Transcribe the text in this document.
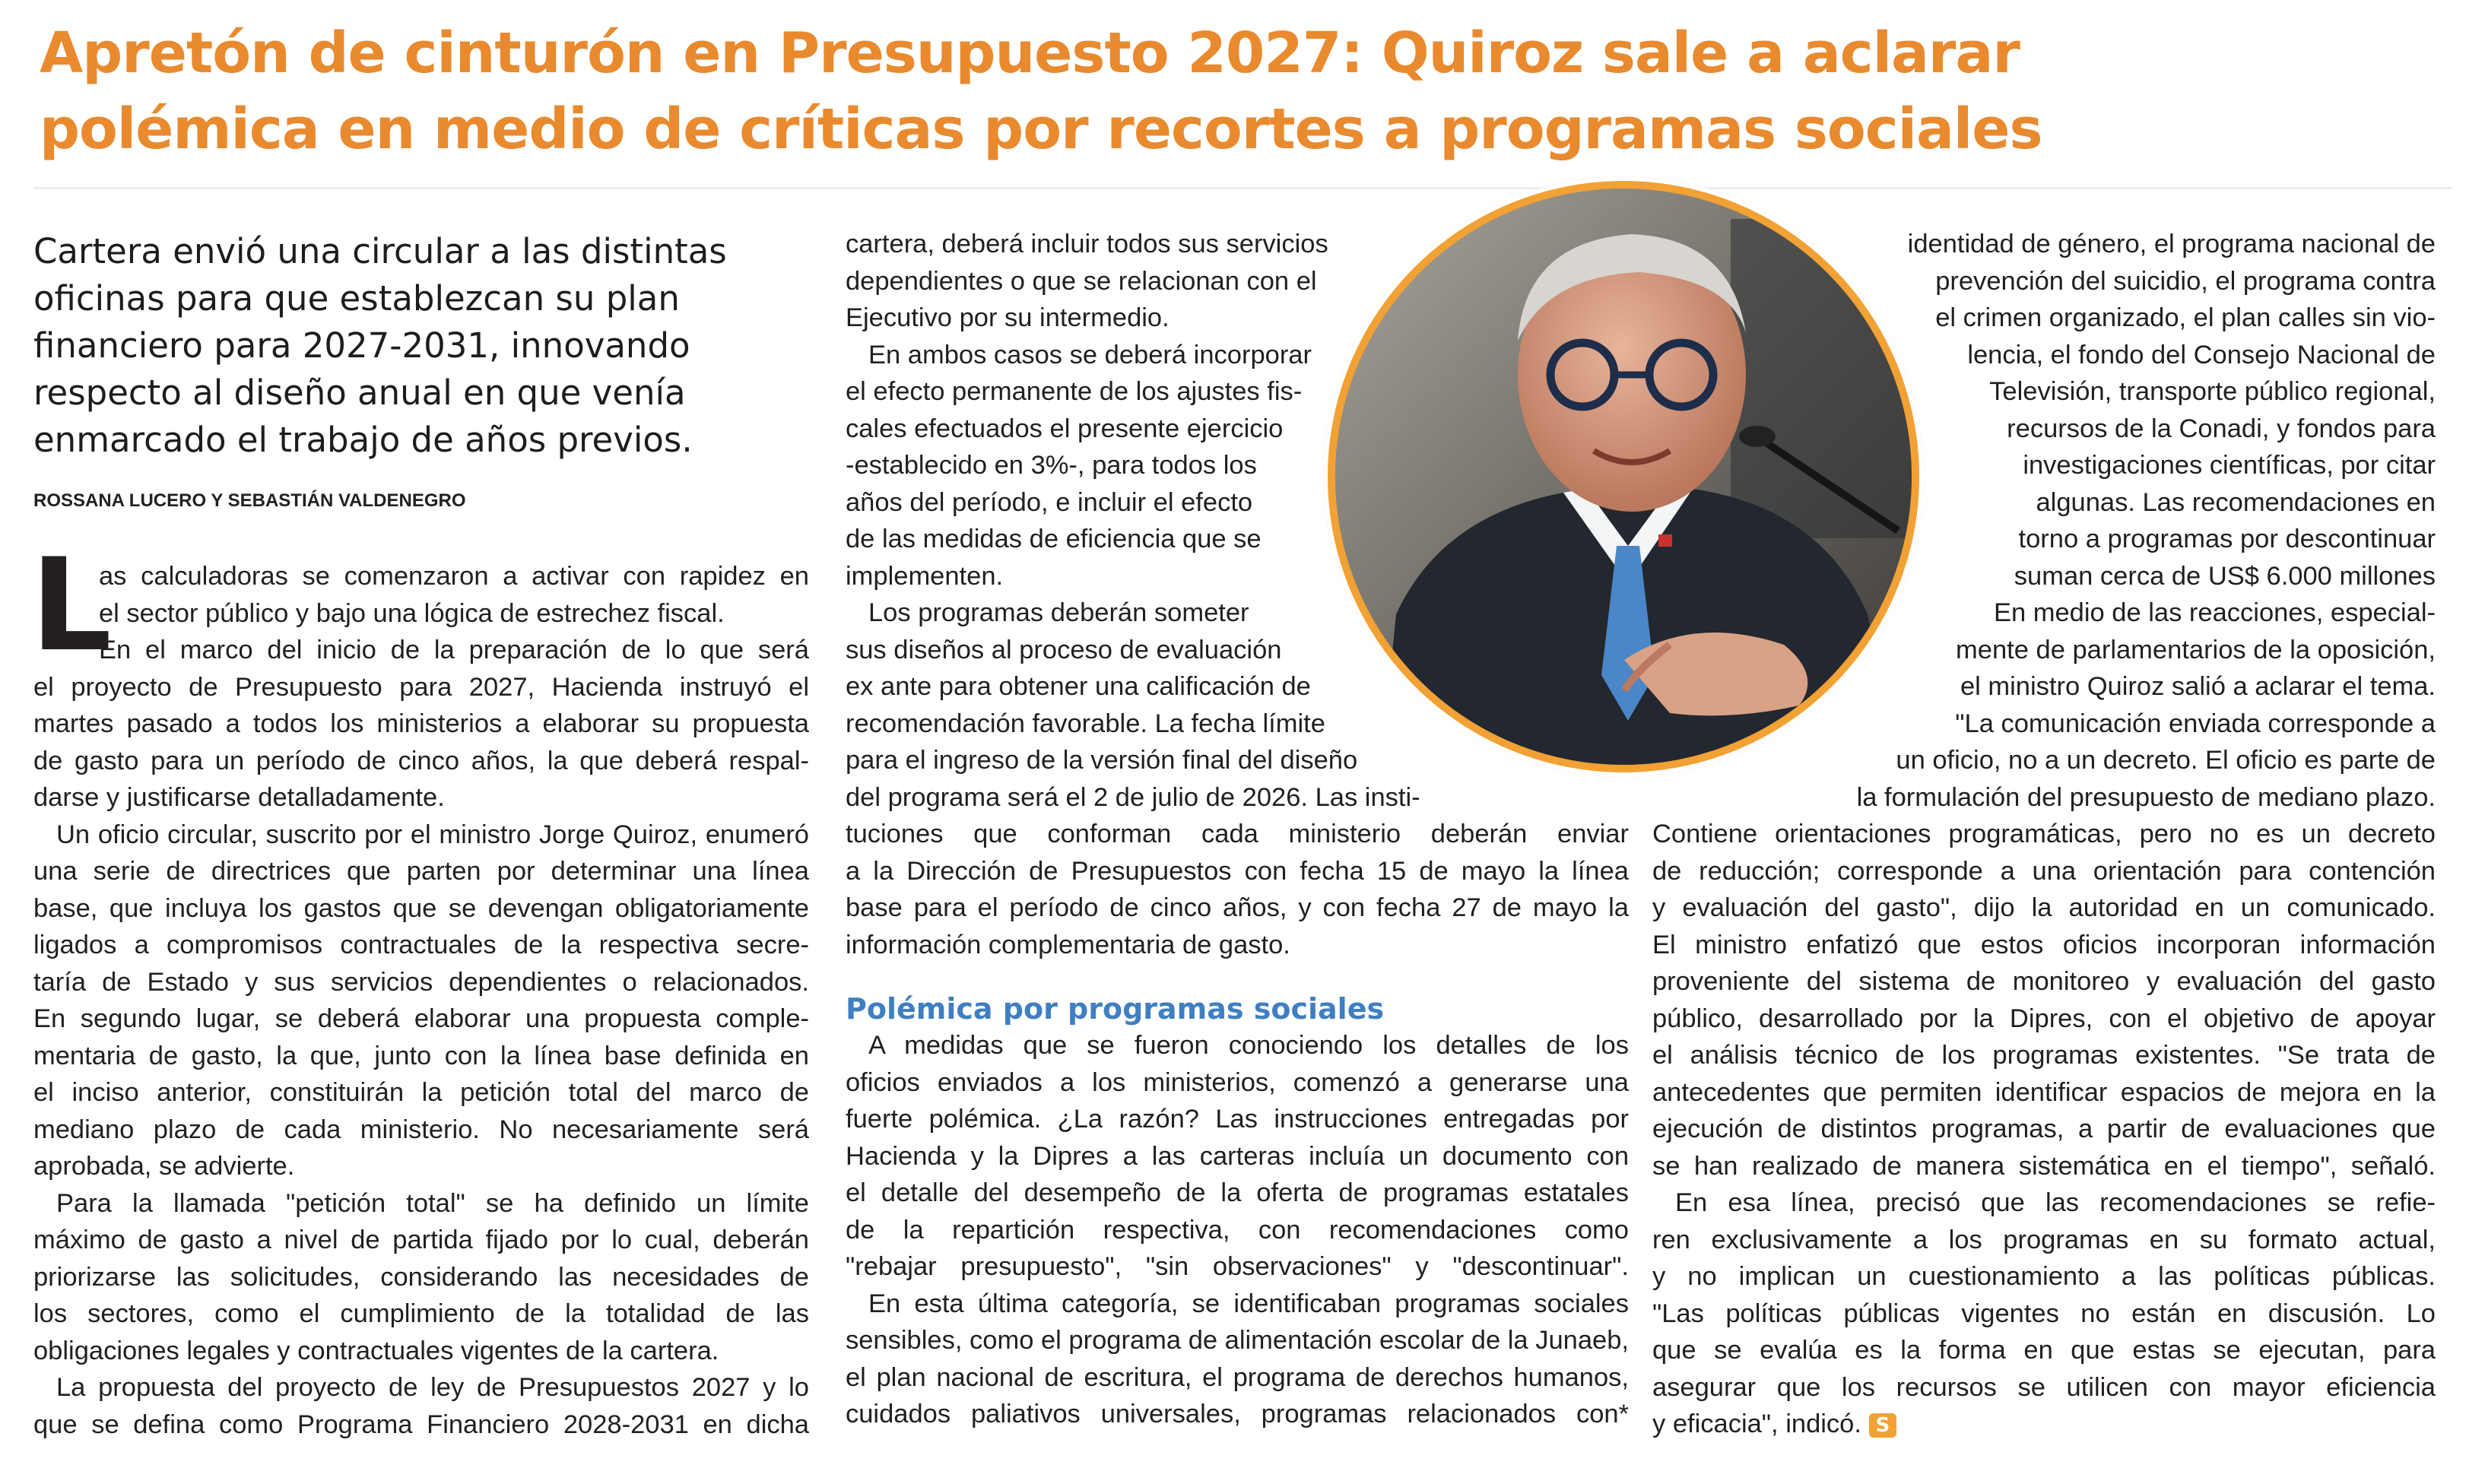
Apretón de cinturón en Presupuesto 2027: Quiroz sale a aclarar
polémica en medio de críticas por recortes a programas sociales
Cartera envió una circular a las distintas
oficinas para que establezcan su plan
financiero para 2027-2031, innovando
respecto al diseño anual en que venía
enmarcado el trabajo de años previos.
ROSSANA LUCERO Y SEBASTIÁN VALDENEGRO
L
as calculadoras se comenzaron a activar con rapidez en
el sector público y bajo una lógica de estrechez fiscal.
En el marco del inicio de la preparación de lo que será
el proyecto de Presupuesto para 2027, Hacienda instruyó el
martes pasado a todos los ministerios a elaborar su propuesta
de gasto para un período de cinco años, la que deberá respal-
darse y justificarse detalladamente.
Un oficio circular, suscrito por el ministro Jorge Quiroz, enumeró
una serie de directrices que parten por determinar una línea
base, que incluya los gastos que se devengan obligatoriamente
ligados a compromisos contractuales de la respectiva secre-
taría de Estado y sus servicios dependientes o relacionados.
En segundo lugar, se deberá elaborar una propuesta comple-
mentaria de gasto, la que, junto con la línea base definida en
el inciso anterior, constituirán la petición total del marco de
mediano plazo de cada ministerio. No necesariamente será
aprobada, se advierte.
Para la llamada "petición total" se ha definido un límite
máximo de gasto a nivel de partida fijado por lo cual, deberán
priorizarse las solicitudes, considerando las necesidades de
los sectores, como el cumplimiento de la totalidad de las
obligaciones legales y contractuales vigentes de la cartera.
La propuesta del proyecto de ley de Presupuestos 2027 y lo
que se defina como Programa Financiero 2028-2031 en dicha
cartera, deberá incluir todos sus servicios
dependientes o que se relacionan con el
Ejecutivo por su intermedio.
En ambos casos se deberá incorporar
el efecto permanente de los ajustes fis-
cales efectuados el presente ejercicio
-establecido en 3%-, para todos los
años del período, e incluir el efecto
de las medidas de eficiencia que se
implementen.
Los programas deberán someter
sus diseños al proceso de evaluación
ex ante para obtener una calificación de
recomendación favorable. La fecha límite
para el ingreso de la versión final del diseño
del programa será el 2 de julio de 2026. Las insti-
tuciones que conforman cada ministerio deberán enviar
a la Dirección de Presupuestos con fecha 15 de mayo la línea
base para el período de cinco años, y con fecha 27 de mayo la
información complementaria de gasto.
Polémica por programas sociales
A medidas que se fueron conociendo los detalles de los
oficios enviados a los ministerios, comenzó a generarse una
fuerte polémica. ¿La razón? Las instrucciones entregadas por
Hacienda y la Dipres a las carteras incluía un documento con
el detalle del desempeño de la oferta de programas estatales
de la repartición respectiva, con recomendaciones como
"rebajar presupuesto", "sin observaciones" y "descontinuar".
En esta última categoría, se identificaban programas sociales
sensibles, como el programa de alimentación escolar de la Junaeb,
el plan nacional de escritura, el programa de derechos humanos,
cuidados paliativos universales, programas relacionados con*
identidad de género, el programa nacional de
prevención del suicidio, el programa contra
el crimen organizado, el plan calles sin vio-
lencia, el fondo del Consejo Nacional de
Televisión, transporte público regional,
recursos de la Conadi, y fondos para
investigaciones científicas, por citar
algunas. Las recomendaciones en
torno a programas por descontinuar
suman cerca de US$ 6.000 millones
En medio de las reacciones, especial-
mente de parlamentarios de la oposición,
el ministro Quiroz salió a aclarar el tema.
"La comunicación enviada corresponde a
un oficio, no a un decreto. El oficio es parte de
la formulación del presupuesto de mediano plazo.
Contiene orientaciones programáticas, pero no es un decreto
de reducción; corresponde a una orientación para contención
y evaluación del gasto", dijo la autoridad en un comunicado.
El ministro enfatizó que estos oficios incorporan información
proveniente del sistema de monitoreo y evaluación del gasto
público, desarrollado por la Dipres, con el objetivo de apoyar
el análisis técnico de los programas existentes. "Se trata de
antecedentes que permiten identificar espacios de mejora en la
ejecución de distintos programas, a partir de evaluaciones que
se han realizado de manera sistemática en el tiempo", señaló.
En esa línea, precisó que las recomendaciones se refie-
ren exclusivamente a los programas en su formato actual,
y no implican un cuestionamiento a las políticas públicas.
"Las políticas públicas vigentes no están en discusión. Lo
que se evalúa es la forma en que estas se ejecutan, para
asegurar que los recursos se utilicen con mayor eficiencia
y eficacia", indicó. S
